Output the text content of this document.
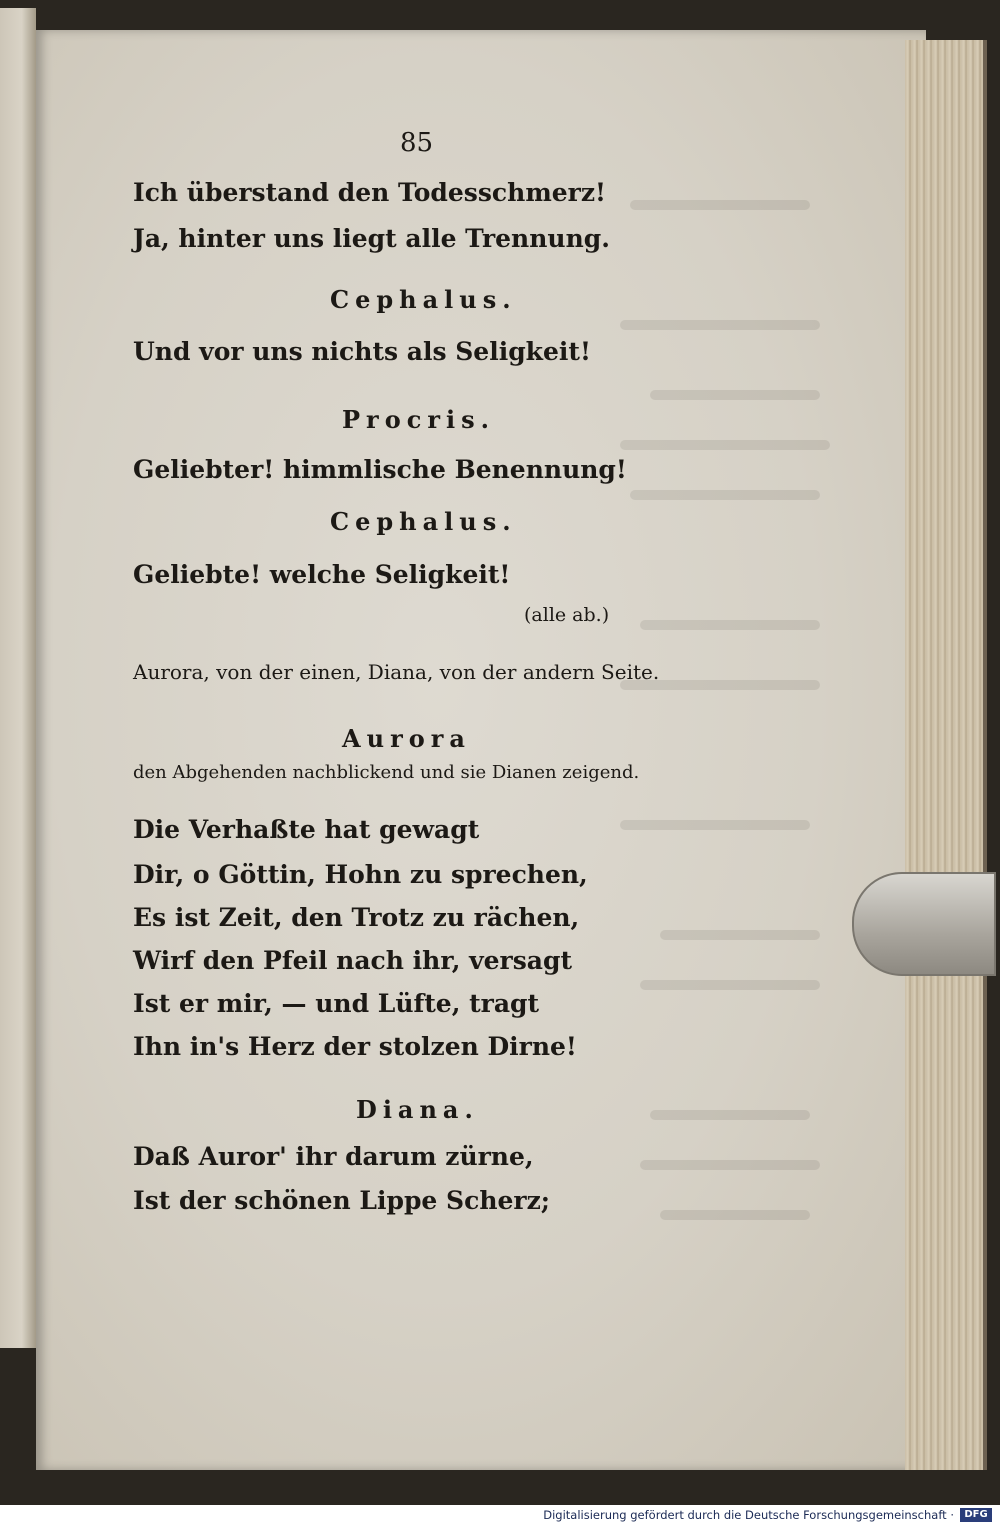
85
Ich überstand den Todesschmerz!
Ja, hinter uns liegt alle Trennung.
Cephalus.
Und vor uns nichts als Seligkeit!
Procris.
Geliebter! himmlische Benennung!
Cephalus.
Geliebte! welche Seligkeit!
(alle ab.)
Aurora, von der einen, Diana, von der andern Seite.
Aurora
den Abgehenden nachblickend und sie Dianen zeigend.
Die Verhaßte hat gewagt
Dir, o Göttin, Hohn zu sprechen,
Es ist Zeit, den Trotz zu rächen,
Wirf den Pfeil nach ihr, versagt
Ist er mir, — und Lüfte, tragt
Ihn in's Herz der stolzen Dirne!
Diana.
Daß Auror' ihr darum zürne,
Ist der schönen Lippe Scherz;
Digitalisierung gefördert durch die Deutsche Forschungsgemeinschaft ·	DFG
